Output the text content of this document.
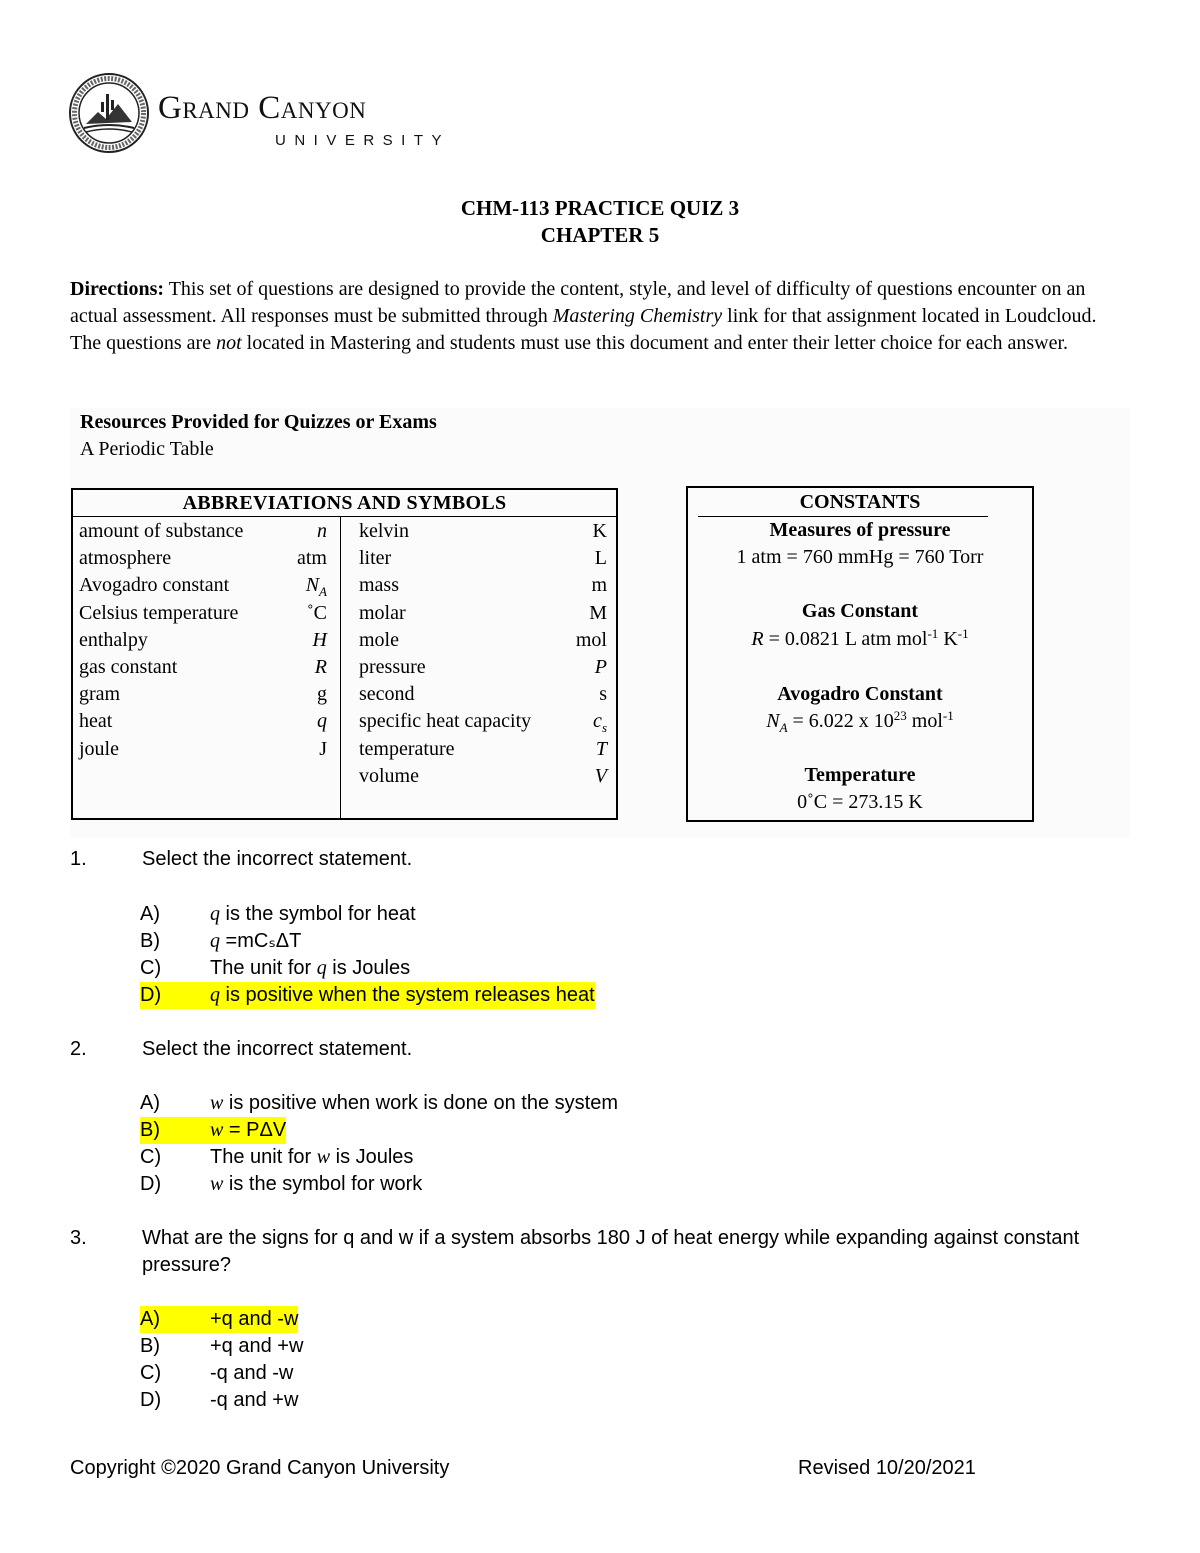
Grand Canyon
UNIVERSITY
CHM-113 PRACTICE QUIZ 3
CHAPTER 5
Directions: This set of questions are designed to provide the content, style, and level of difficulty of questions encounter on an actual assessment. All responses must be submitted through Mastering Chemistry link for that assignment located in Loudcloud. The questions are not located in Mastering and students must use this document and enter their letter choice for each answer.
Resources Provided for Quizzes or Exams
A Periodic Table
ABBREVIATIONS AND SYMBOLS
amount of substance	n
atmosphere	atm
Avogadro constant	$N_A$
Celsius temperature	˚C
enthalpy	H
gas constant	R
gram	g
heat	q
joule	J
kelvin	K
liter	L
mass	m
molar	M
mole	mol
pressure	P
second	s
specific heat capacity	$c_s$
temperature	T
volume	V
CONSTANTS
Measures of pressure
1 atm = 760 mmHg = 760 Torr
Gas Constant
R = 0.0821 L atm mol$^{-1}$ $K^{-1}$
Avogadro Constant
$N_A = 6.022$ x $10^{23}$ mol$^{-1}$
Temperature
0˚C = 273.15 K
1.	Select the incorrect statement.
A)	q is the symbol for heat
B)	q =mCₛΔT
C) The unit for q is Joules
D) q is positive when the system releases heat
2.	Select the incorrect statement.
A)	w is positive when work is done on the system
B)	w = PΔV
C) The unit for w is Joules
D) w is the symbol for work
3.	What are the signs for q and w if a system absorbs 180 J of heat energy while expanding against constant pressure?
A)	+q and -w
B)	+q and +w
C) -q and -w
D) -q and +w
Copyright ©2020 Grand Canyon University	Revised 10/20/2021
